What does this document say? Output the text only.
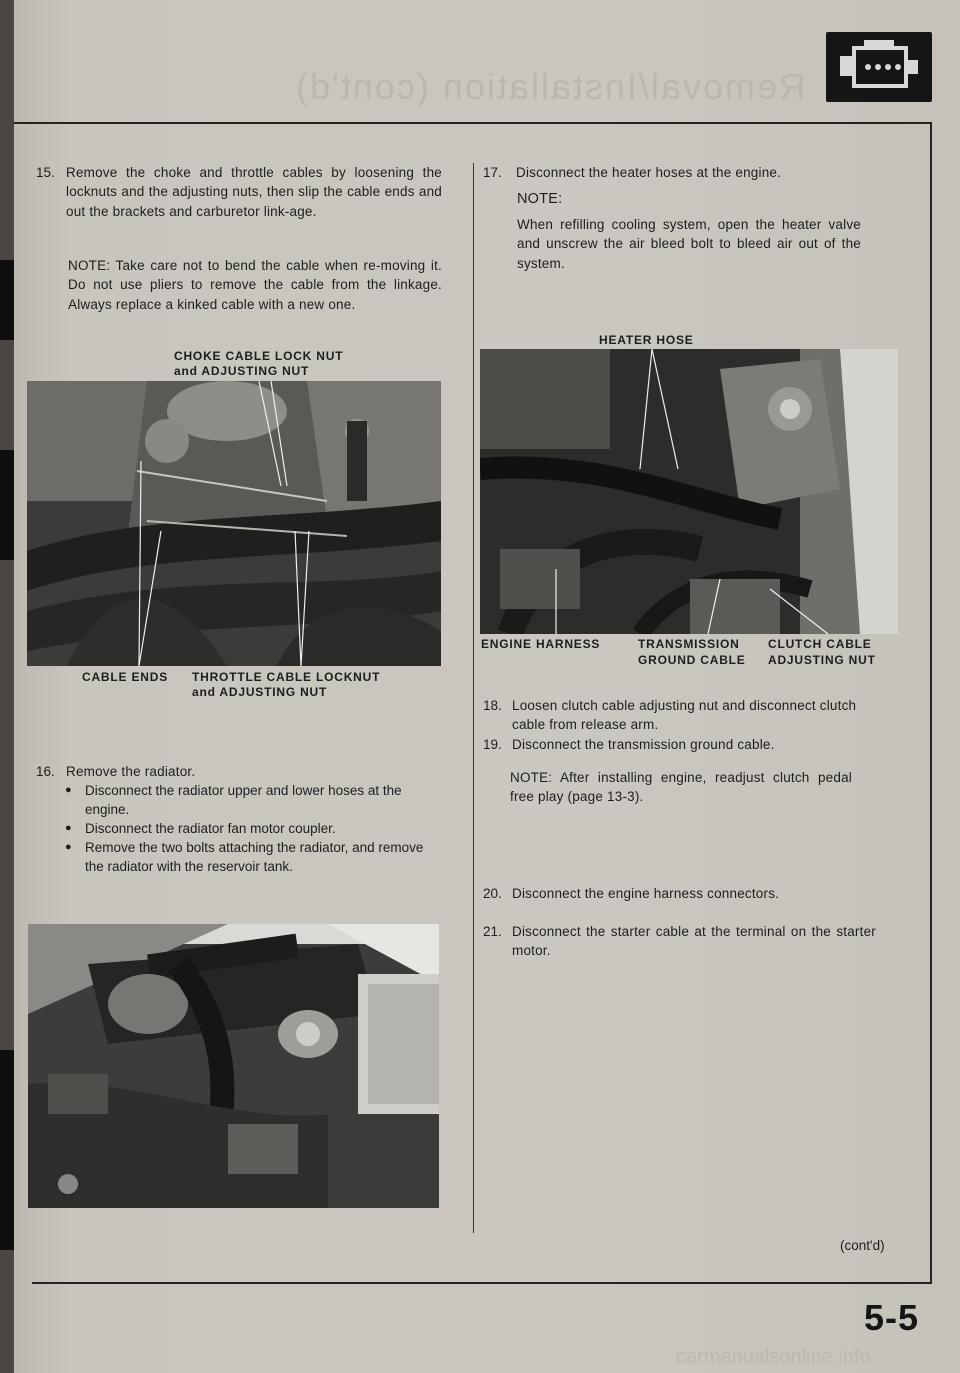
Removal/Installation (cont'd)
15. Remove the choke and throttle cables by loosening the locknuts and the adjusting nuts, then slip the cable ends and out the brackets and carburetor link-age.
NOTE: Take care not to bend the cable when re-moving it. Do not use pliers to remove the cable from the linkage. Always replace a kinked cable with a new one.
CHOKE CABLE LOCK NUT
and ADJUSTING NUT
CABLE ENDS THROTTLE CABLE LOCKNUT
and ADJUSTING NUT
16. Remove the radiator.
● Disconnect the radiator upper and lower hoses at the engine.
● Disconnect the radiator fan motor coupler.
● Remove the two bolts attaching the radiator, and remove the radiator with the reservoir tank.
17. Disconnect the heater hoses at the engine.
NOTE:
When refilling cooling system, open the heater valve and unscrew the air bleed bolt to bleed air out of the system.
HEATER HOSE
ENGINE HARNESS	TRANSMISSION
GROUND CABLE
CLUTCH CABLE
ADJUSTING NUT
18. Loosen clutch cable adjusting nut and disconnect clutch cable from release arm.
19. Disconnect the transmission ground cable.
NOTE: After installing engine, readjust clutch pedal free play (page 13-3).
20. Disconnect the engine harness connectors.
21. Disconnect the starter cable at the terminal on the starter motor.
(cont'd)
5-5
carmanualsonline.info
